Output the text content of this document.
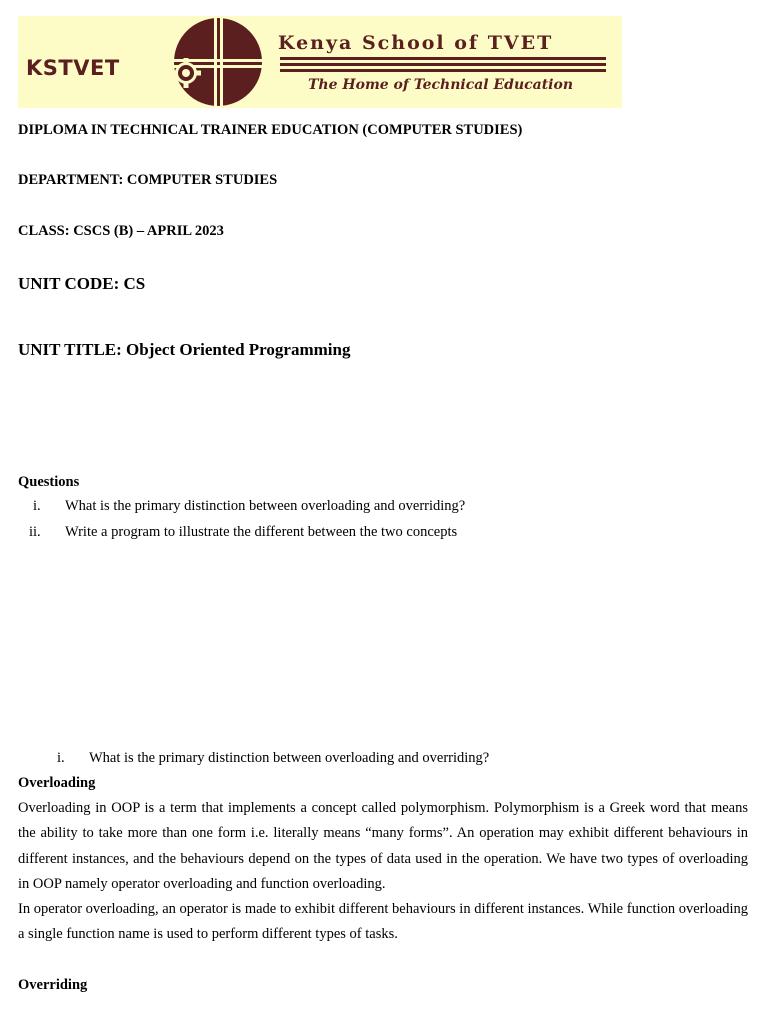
KSTVET
Kenya School of TVET
The Home of Technical Education
DIPLOMA IN TECHNICAL TRAINER EDUCATION (COMPUTER STUDIES)
DEPARTMENT: COMPUTER STUDIES
CLASS: CSCS (B) – APRIL 2023
UNIT CODE: CS
UNIT TITLE: Object Oriented Programming
Questions
i. What is the primary distinction between overloading and overriding?
ii. Write a program to illustrate the different between the two concepts
i. What is the primary distinction between overloading and overriding?
Overloading
Overloading in OOP is a term that implements a concept called polymorphism. Polymorphism is a Greek word that means the ability to take more than one form i.e. literally means “many forms”. An operation may exhibit different behaviours in different instances, and the behaviours depend on the types of data used in the operation. We have two types of overloading in OOP namely operator overloading and function overloading.
In operator overloading, an operator is made to exhibit different behaviours in different instances. While function overloading a single function name is used to perform different types of tasks.
Overriding
